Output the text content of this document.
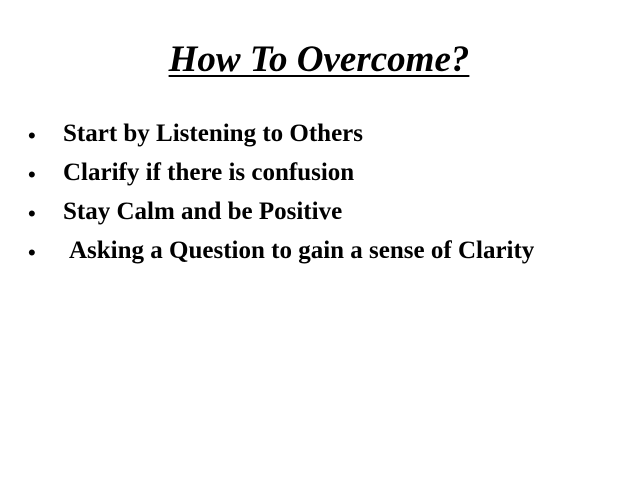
How To Overcome?
• Start by Listening to Others
• Clarify if there is confusion
• Stay Calm and be Positive
• Asking a Question to gain a sense of Clarity
